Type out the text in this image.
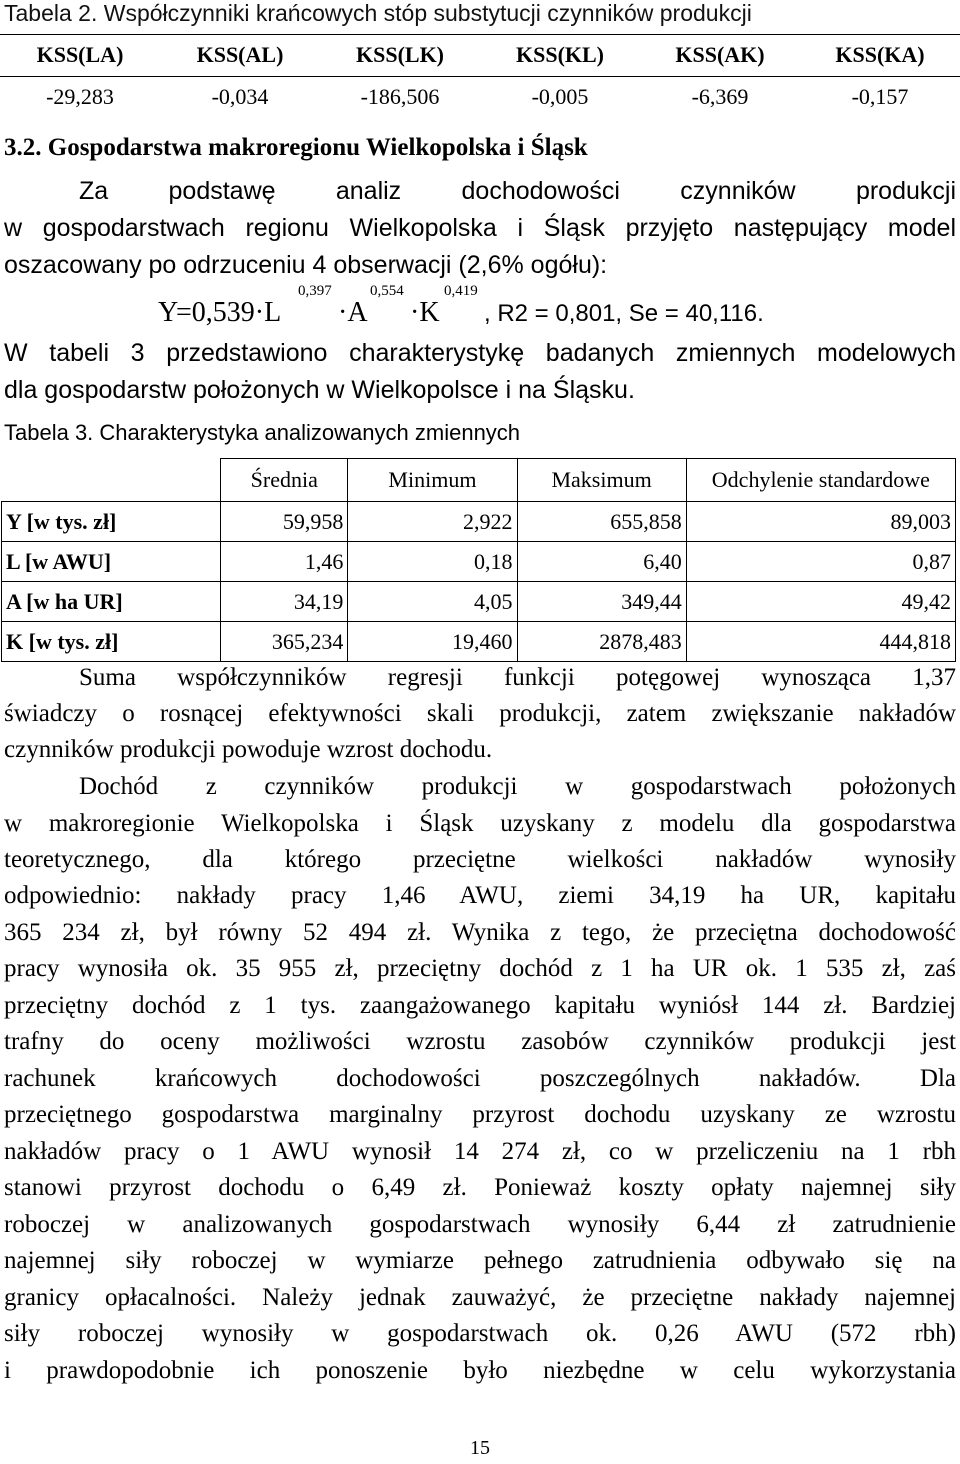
Tabela 2. Współczynniki krańcowych stóp substytucji czynników produkcji
KSS(LA)	KSS(AL)	KSS(LK)	KSS(KL)	KSS(AK)	KSS(KA)
-29,283	-0,034	-186,506	-0,005	-6,369	-0,157
3.2. Gospodarstwa makroregionu Wielkopolska i Śląsk
Za podstawę analiz dochodowości czynników produkcji
w gospodarstwach regionu Wielkopolska i Śląsk przyjęto następujący model
oszacowany po odrzuceniu 4 obserwacji (2,6% ogółu):
Y
=0,539·L
0,397
·A
0,554
·K
0,419
, R2 = 0,801, Se = 40,116.
W tabeli 3 przedstawiono charakterystykę badanych zmiennych modelowych
dla gospodarstw położonych w Wielkopolsce i na Śląsku.
Tabela 3. Charakterystyka analizowanych zmiennych
	Średnia	Minimum	Maksimum	Odchylenie standardowe
Y [w tys. zł]	59,958	2,922	655,858	89,003
L [w AWU]	1,46	0,18	6,40	0,87
A [w ha UR]	34,19	4,05	349,44	49,42
K [w tys. zł]	365,234	19,460	2878,483	444,818
Suma współczynników regresji funkcji potęgowej wynosząca 1,37
świadczy o rosnącej efektywności skali produkcji, zatem zwiększanie nakładów
czynników produkcji powoduje wzrost dochodu.
Dochód z czynników produkcji w gospodarstwach położonych
w makroregionie Wielkopolska i Śląsk uzyskany z modelu dla gospodarstwa
teoretycznego, dla którego przeciętne wielkości nakładów wynosiły
odpowiednio: nakłady pracy 1,46 AWU, ziemi 34,19 ha UR, kapitału
365 234 zł, był równy 52 494 zł. Wynika z tego, że przeciętna dochodowość
pracy wynosiła ok. 35 955 zł, przeciętny dochód z 1 ha UR ok. 1 535 zł, zaś
przeciętny dochód z 1 tys. zaangażowanego kapitału wyniósł 144 zł. Bardziej
trafny do oceny możliwości wzrostu zasobów czynników produkcji jest
rachunek krańcowych dochodowości poszczególnych nakładów. Dla
przeciętnego gospodarstwa marginalny przyrost dochodu uzyskany ze wzrostu
nakładów pracy o 1 AWU wynosił 14 274 zł, co w przeliczeniu na 1 rbh
stanowi przyrost dochodu o 6,49 zł. Ponieważ koszty opłaty najemnej siły
roboczej w analizowanych gospodarstwach wynosiły 6,44 zł zatrudnienie
najemnej siły roboczej w wymiarze pełnego zatrudnienia odbywało się na
granicy opłacalności. Należy jednak zauważyć, że przeciętne nakłady najemnej
siły roboczej wynosiły w gospodarstwach ok. 0,26 AWU (572 rbh)
i prawdopodobnie ich ponoszenie było niezbędne w celu wykorzystania
15
